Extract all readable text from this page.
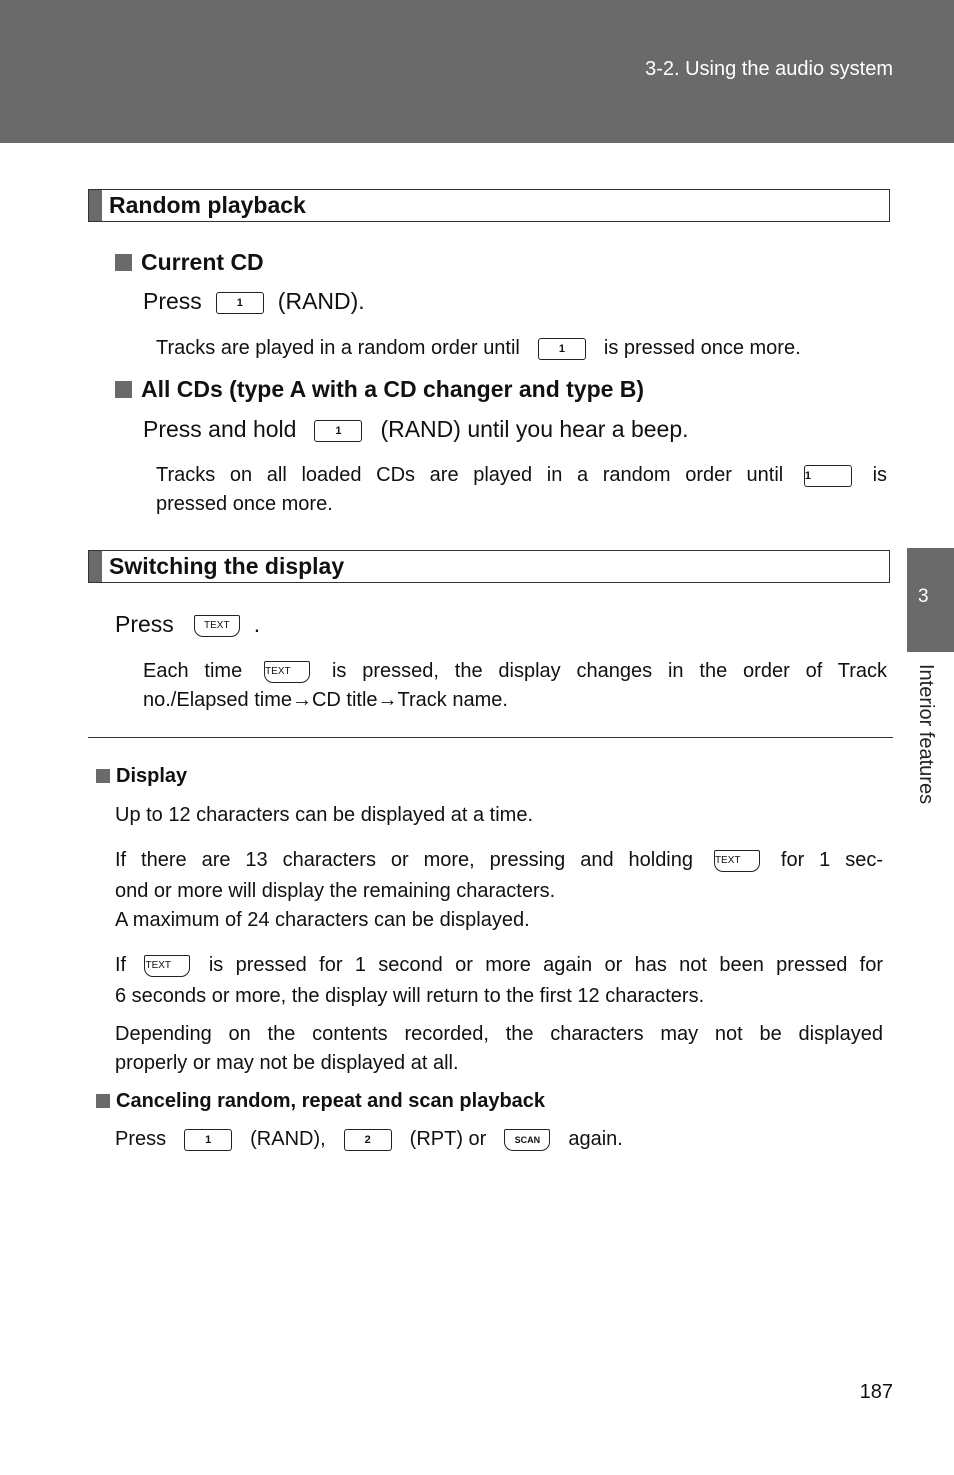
3-2. Using the audio system
3
Interior features
Random playback
Current CD
Press	1 (RAND).
Tracks are played in a random order until	1 is pressed once more.
All CDs (type A with a CD changer and type B)
Press and hold	1 (RAND) until you hear a beep.
Tracks on all loaded CDs are played in a random order until 1	is
pressed once more.
Switching the display
Press	TEXT .
Each time TEXT is pressed, the display changes in the order of Track
no./Elapsed time→CD title→Track name.
Display
Up to 12 characters can be displayed at a time.
If there are 13 characters or more, pressing and holding TEXT for 1 sec-
ond or more will display the remaining characters.
A maximum of 24 characters can be displayed.
If TEXT is pressed for 1 second or more again or has not been pressed for
6 seconds or more, the display will return to the first 12 characters.
Depending on the contents recorded, the characters may not be displayed
properly or may not be displayed at all.
Canceling random, repeat and scan playback
Press	1 (RAND),	2 (RPT) or	SCAN again.
187
